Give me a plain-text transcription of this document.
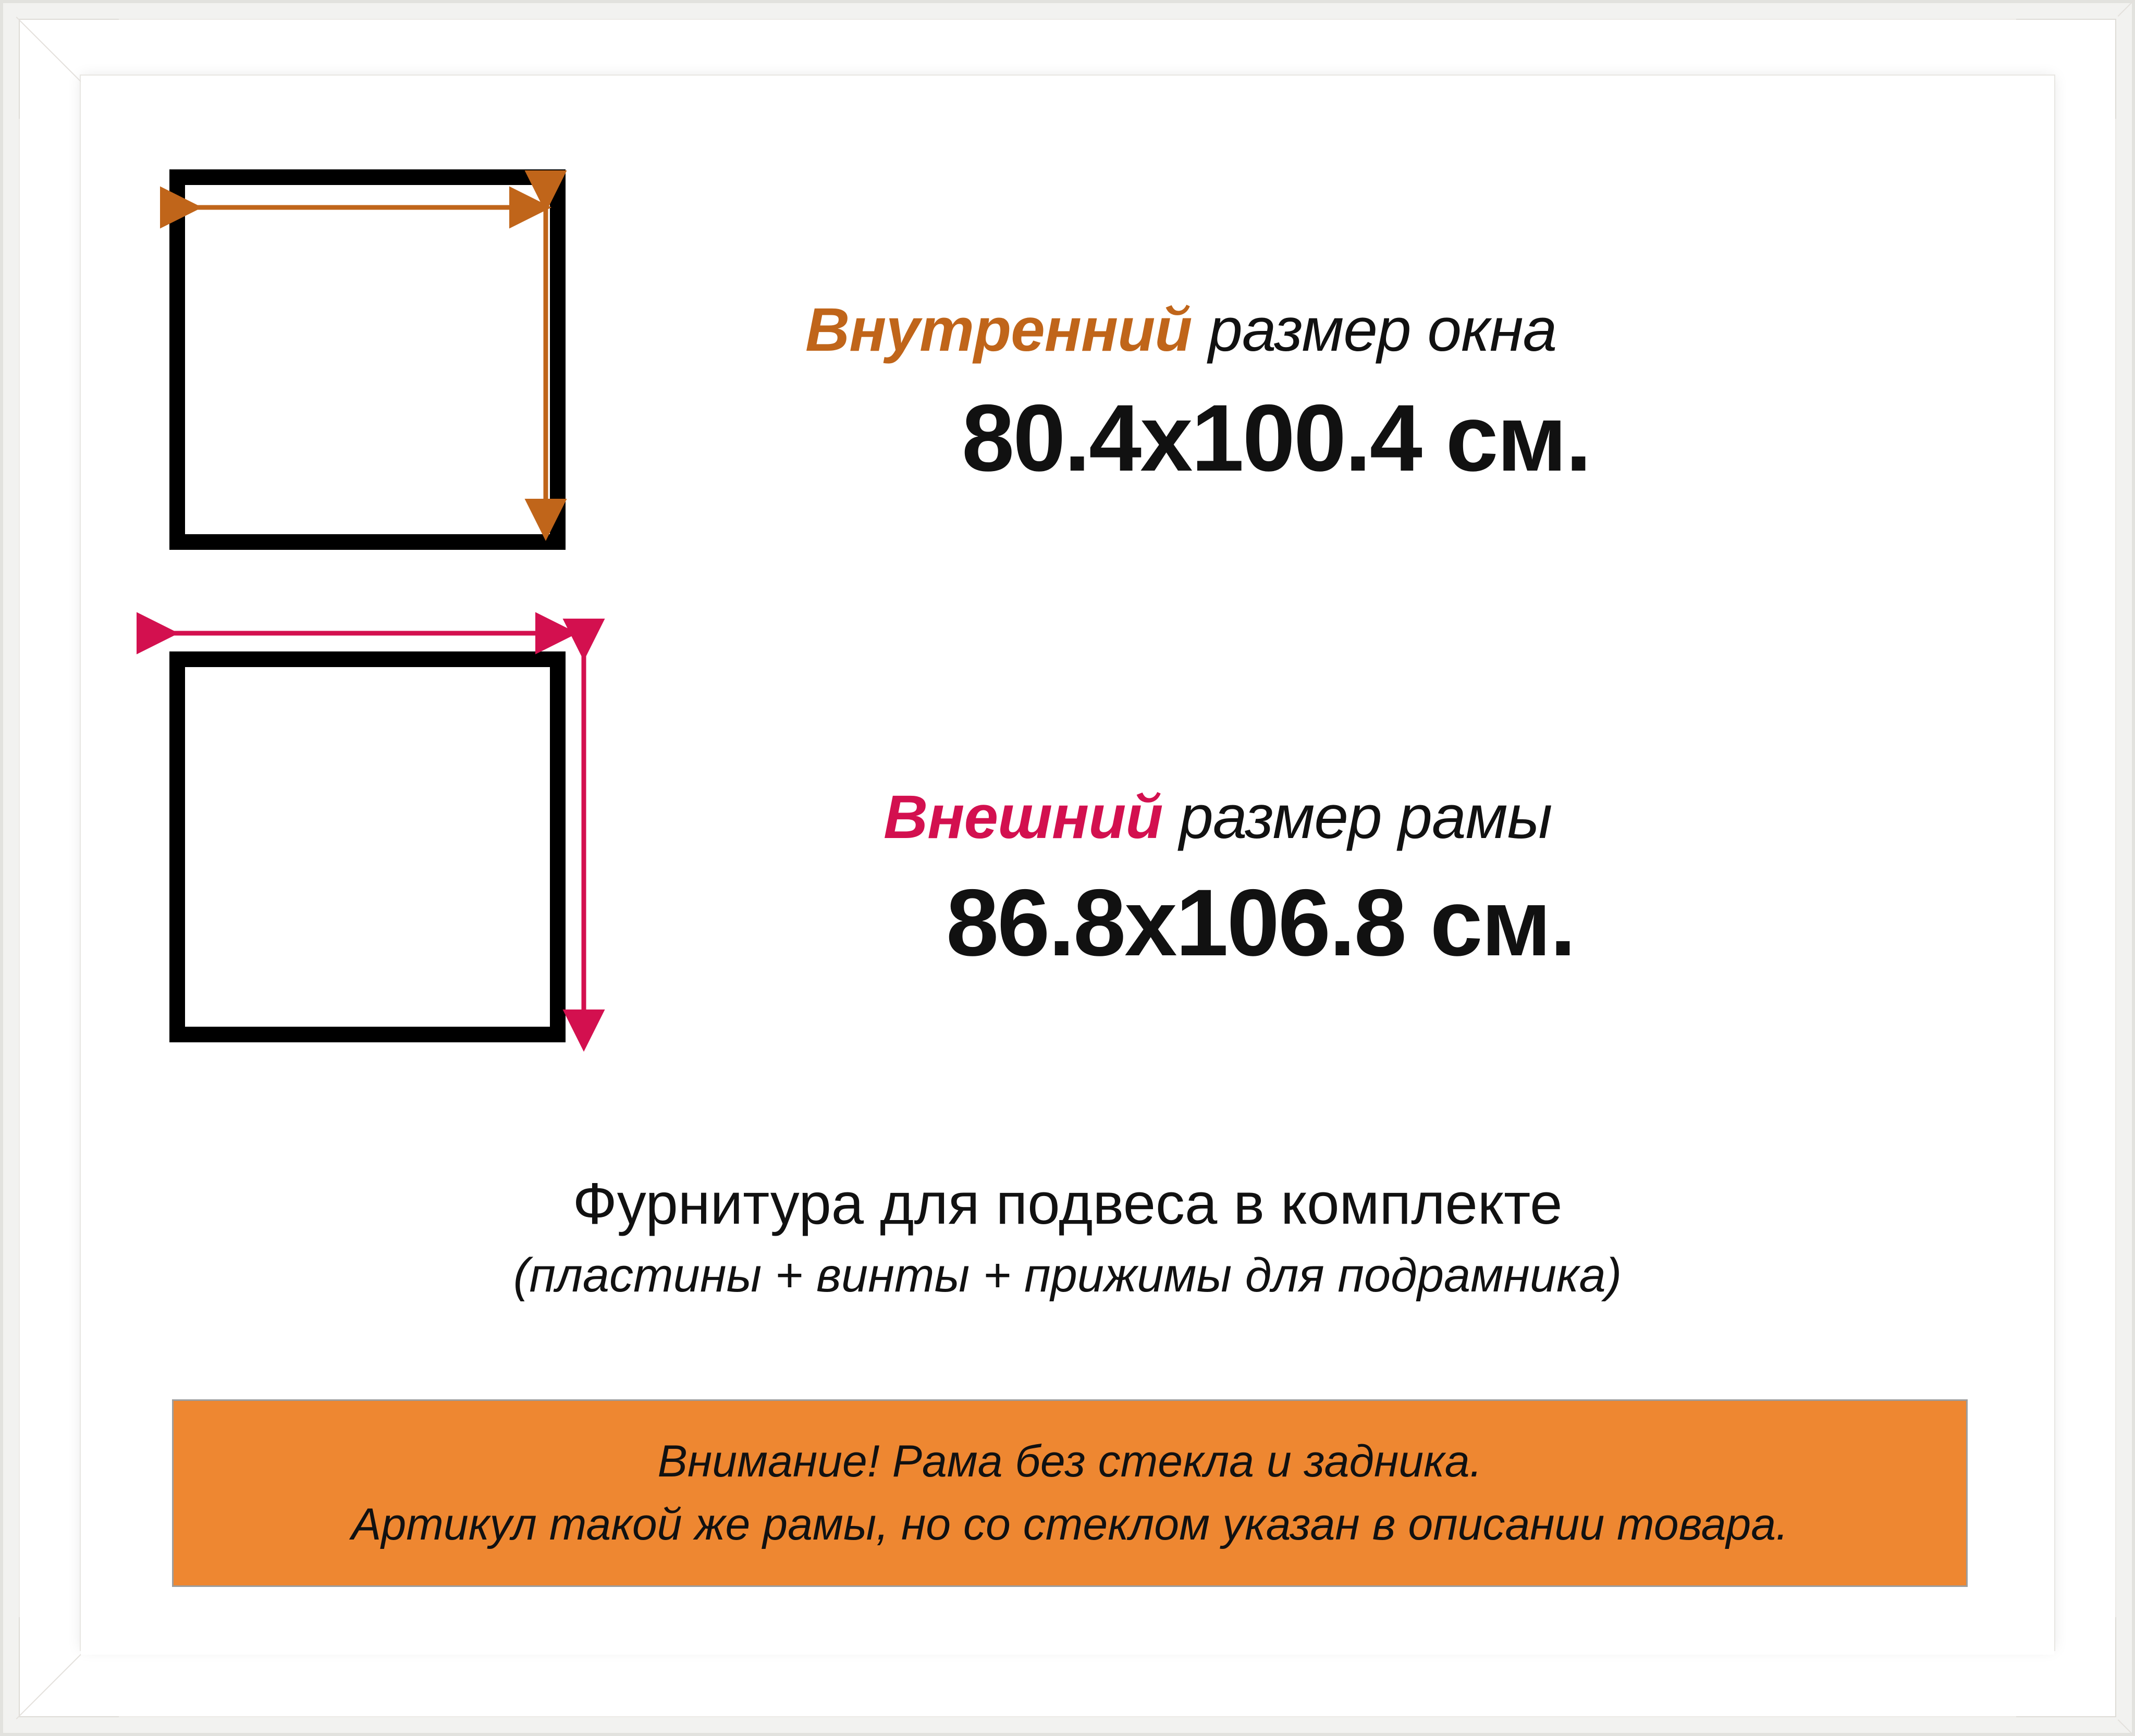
Внутренний размер окна
80.4x100.4 см.
Внешний размер рамы
86.8x106.8 см.
Фурнитура для подвеса в комплекте
(пластины + винты + прижимы для подрамника)
Внимание! Рама без стекла и задника.
Артикул такой же рамы, но со стеклом указан в описании товара.
